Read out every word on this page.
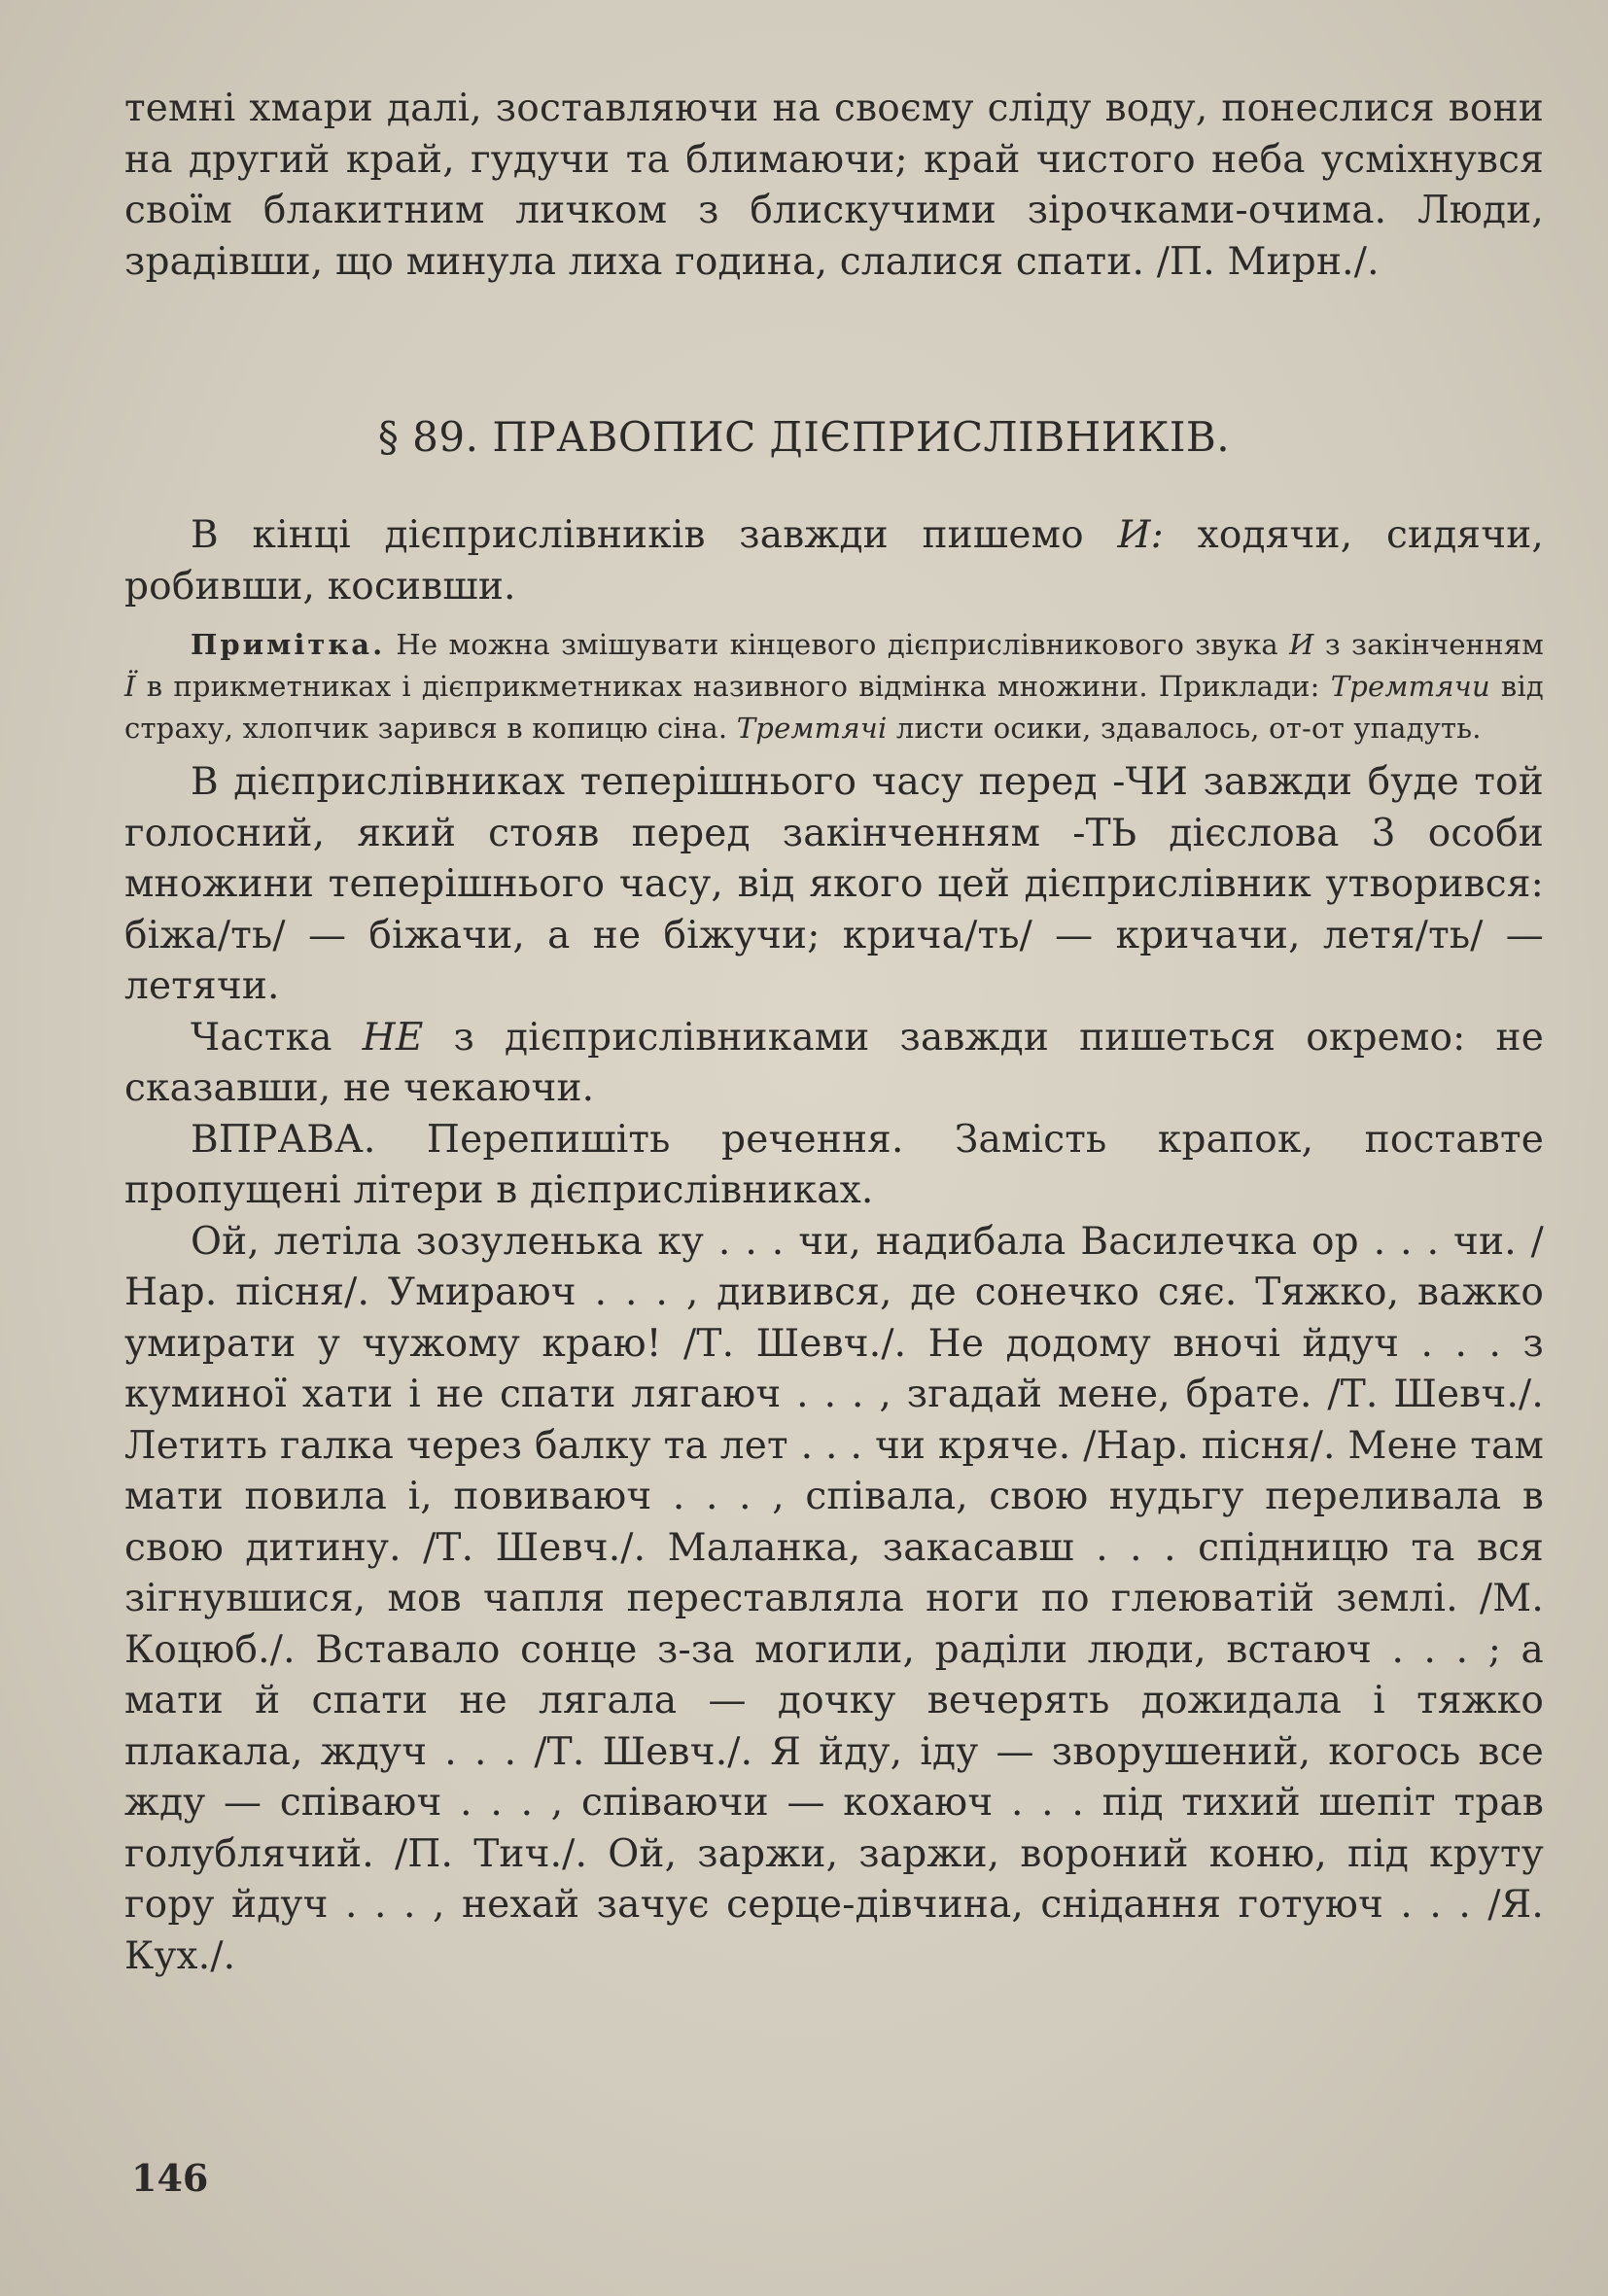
темні хмари далі, зоставляючи на своєму сліду воду, понеслися вони на другий край, гудучи та блимаючи; край чистого неба усміхнувся своїм блакитним личком з блискучими зірочками-очима. Люди, зрадівши, що минула лиха година, слалися спати. /П. Мирн./.

§ 89. ПРАВОПИС ДІЄПРИСЛІВНИКІВ.

В кінці дієприслівників завжди пишемо И: ходячи, сидячи, робивши, косивши.

Примітка. Не можна змішувати кінцевого дієприслівникового звука И з закінченням Ї в прикметниках і дієприкметниках називного відмінка множини. Приклади: Тремтячи від страху, хлопчик зарився в копицю сіна. Тремтячі листи осики, здавалось, от-от упадуть.

В дієприслівниках теперішнього часу перед -ЧИ завжди буде той голосний, який стояв перед закінченням -ТЬ дієслова 3 особи множини теперішнього часу, від якого цей дієприслівник утворився: біжа/ть/ — біжачи, а не біжучи; крича/ть/ — кричачи, летя/ть/ — летячи.

Частка НЕ з дієприслівниками завжди пишеться окремо: не сказавши, не чекаючи.

ВПРАВА. Перепишіть речення. Замість крапок, поставте пропущені літери в дієприслівниках.

Ой, летіла зозуленька ку . . . чи, надибала Василечка ор . . . чи. /Нар. пісня/. Умираюч . . . , дивився, де сонечко сяє. Тяжко, важко умирати у чужому краю! /Т. Шевч./. Не додому вночі йдуч . . . з куминої хати і не спати лягаюч . . . , згадай мене, брате. /Т. Шевч./. Летить галка через балку та лет . . . чи кряче. /Нар. пісня/. Мене там мати повила і, повиваюч . . . , співала, свою нудьгу переливала в свою дитину. /Т. Шевч./. Маланка, закасавш . . . спідницю та вся зігнувшися, мов чапля переставляла ноги по глеюватій землі. /М. Коцюб./. Вставало сонце з-за могили, раділи люди, встаюч . . . ; а мати й спати не лягала — дочку вечерять дожидала і тяжко плакала, ждуч . . . /Т. Шевч./. Я йду, іду — зворушений, когось все жду — співаюч . . . , співаючи — кохаюч . . . під тихий шепіт трав голублячий. /П. Тич./. Ой, заржи, заржи, вороний коню, під круту гору йдуч . . . , нехай зачує серце-дівчина, снідання готуюч . . . /Я. Кух./.

146
